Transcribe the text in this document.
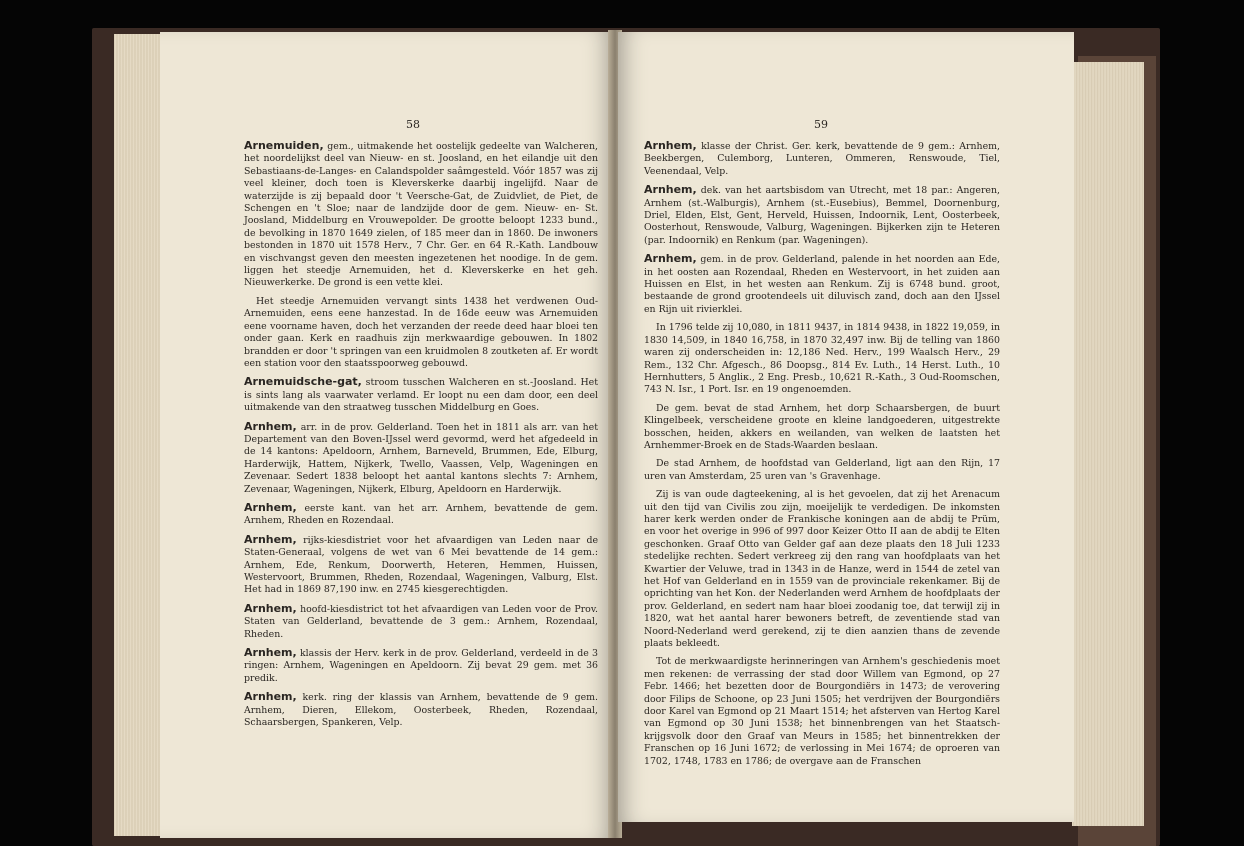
58

Arnemuiden, gem., uitmakende het oostelijk gedeelte van Walcheren, het noordelijkst deel van Nieuw- en st. Joosland, en het eilandje uit den Sebastiaans-de-Langes- en Calandspolder saâmgesteld. Vóór 1857 was zij veel kleiner, doch toen is Kleverskerke daarbij ingelijfd. Naar de waterzijde is zij bepaald door 't Veersche-Gat, de Zuidvliet, de Piet, de Schengen en 't Sloe; naar de landzijde door de gem. Nieuw- en- St. Joosland, Middelburg en Vrouwepolder. De grootte beloopt 1233 bund., de bevolking in 1870 1649 zielen, of 185 meer dan in 1860. De inwoners bestonden in 1870 uit 1578 Herv., 7 Chr. Ger. en 64 R.-Kath. Landbouw en vischvangst geven den meesten ingezetenen het noodige. In de gem. liggen het steedje Arnemuiden, het d. Kleverskerke en het geh. Nieuwerkerke. De grond is een vette klei.

Het steedje Arnemuiden vervangt sints 1438 het verdwenen Oud-Arnemuiden, eens eene hanzestad. In de 16de eeuw was Arnemuiden eene voorname haven, doch het verzanden der reede deed haar bloei ten onder gaan. Kerk en raadhuis zijn merkwaardige gebouwen. In 1802 brandden er door 't springen van een kruidmolen 8 zoutketen af. Er wordt een station voor den staatsspoorweg gebouwd.

Arnemuidsche-gat, stroom tusschen Walcheren en st.-Joosland. Het is sints lang als vaarwater verlamd. Er loopt nu een dam door, een deel uitmakende van den straatweg tusschen Middelburg en Goes.

Arnhem, arr. in de prov. Gelderland. Toen het in 1811 als arr. van het Departement van den Boven-IJssel werd gevormd, werd het afgedeeld in de 14 kantons: Apeldoorn, Arnhem, Barneveld, Brummen, Ede, Elburg, Harderwijk, Hattem, Nijkerk, Twello, Vaassen, Velp, Wageningen en Zevenaar. Sedert 1838 beloopt het aantal kantons slechts 7: Arnhem, Zevenaar, Wageningen, Nijkerk, Elburg, Apeldoorn en Harderwijk.

Arnhem, eerste kant. van het arr. Arnhem, bevattende de gem. Arnhem, Rheden en Rozendaal.

Arnhem, rijks-kiesdistriet voor het afvaardigen van Leden naar de Staten-Generaal, volgens de wet van 6 Mei bevattende de 14 gem.: Arnhem, Ede, Renkum, Doorwerth, Heteren, Hemmen, Huissen, Westervoort, Brummen, Rheden, Rozendaal, Wageningen, Valburg, Elst. Het had in 1869 87,190 inw. en 2745 kiesgerechtigden.

Arnhem, hoofd-kiesdistrict tot het afvaardigen van Leden voor de Prov. Staten van Gelderland, bevattende de 3 gem.: Arnhem, Rozendaal, Rheden.

Arnhem, klassis der Herv. kerk in de prov. Gelderland, verdeeld in de 3 ringen: Arnhem, Wageningen en Apeldoorn. Zij bevat 29 gem. met 36 predik.

Arnhem, kerk. ring der klassis van Arnhem, bevattende de 9 gem. Arnhem, Dieren, Ellekom, Oosterbeek, Rheden, Rozendaal, Schaarsbergen, Spankeren, Velp.

59

Arnhem, klasse der Christ. Ger. kerk, bevattende de 9 gem.: Arnhem, Beekbergen, Culemborg, Lunteren, Ommeren, Renswoude, Tiel, Veenendaal, Velp.

Arnhem, dek. van het aartsbisdom van Utrecht, met 18 par.: Angeren, Arnhem (st.-Walburgis), Arnhem (st.-Eusebius), Bemmel, Doornenburg, Driel, Elden, Elst, Gent, Herveld, Huissen, Indoornik, Lent, Oosterbeek, Oosterhout, Renswoude, Valburg, Wageningen. Bijkerken zijn te Heteren (par. Indoornik) en Renkum (par. Wageningen).

Arnhem, gem. in de prov. Gelderland, palende in het noorden aan Ede, in het oosten aan Rozendaal, Rheden en Westervoort, in het zuiden aan Huissen en Elst, in het westen aan Renkum. Zij is 6748 bund. groot, bestaande de grond grootendeels uit diluvisch zand, doch aan den IJssel en Rijn uit rivierklei.

In 1796 telde zij 10,080, in 1811 9437, in 1814 9438, in 1822 19,059, in 1830 14,509, in 1840 16,758, in 1870 32,497 inw. Bij de telling van 1860 waren zij onderscheiden in: 12,186 Ned. Herv., 199 Waalsch Herv., 29 Rem., 132 Chr. Afgesch., 86 Doopsg., 814 Ev. Luth., 14 Herst. Luth., 10 Hernhutters, 5 Angliк., 2 Eng. Presb., 10,621 R.-Kath., 3 Oud-Roomschen, 743 N. Isr., 1 Port. Isr. en 19 ongenoemden.

De gem. bevat de stad Arnhem, het dorp Schaarsbergen, de buurt Klingelbeek, verscheidene groote en kleine landgoederen, uitgestrekte bosschen, heiden, akkers en weilanden, van welken de laatsten het Arnhemmer-Broek en de Stads-Waarden beslaan.

De stad Arnhem, de hoofdstad van Gelderland, ligt aan den Rijn, 17 uren van Amsterdam, 25 uren van 's Gravenhage.

Zij is van oude dagteekening, al is het gevoelen, dat zij het Arenacum uit den tijd van Civilis zou zijn, moeijelijk te verdedigen. De inkomsten harer kerk werden onder de Frankische koningen aan de abdij te Prüm, en voor het overige in 996 of 997 door Keizer Otto II aan de abdij te Elten geschonken. Graaf Otto van Gelder gaf aan deze plaats den 18 Juli 1233 stedelijke rechten. Sedert verkreeg zij den rang van hoofdplaats van het Kwartier der Veluwe, trad in 1343 in de Hanze, werd in 1544 de zetel van het Hof van Gelderland en in 1559 van de provinciale rekenkamer. Bij de oprichting van het Kon. der Nederlanden werd Arnhem de hoofdplaats der prov. Gelderland, en sedert nam haar bloei zoodanig toe, dat terwijl zij in 1820, wat het aantal harer bewoners betreft, de zeventiende stad van Noord-Nederland werd gerekend, zij te dien aanzien thans de zevende plaats bekleedt.

Tot de merkwaardigste herinneringen van Arnhem's geschiedenis moet men rekenen: de verrassing der stad door Willem van Egmond, op 27 Febr. 1466; het bezetten door de Bourgondiërs in 1473; de verovering door Filips de Schoone, op 23 Juni 1505; het verdrijven der Bourgondiërs door Karel van Egmond op 21 Maart 1514; het afsterven van Hertog Karel van Egmond op 30 Juni 1538; het binnenbrengen van het Staatsch-krijgsvolk door den Graaf van Meurs in 1585; het binnentrekken der Franschen op 16 Juni 1672; de verlossing in Mei 1674; de oproeren van 1702, 1748, 1783 en 1786; de overgave aan de Franschen
